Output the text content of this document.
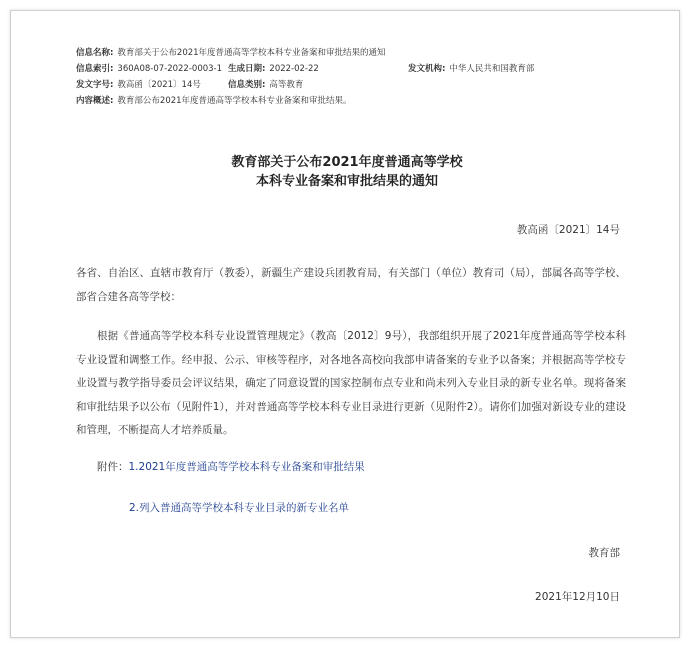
信息名称: 教育部关于公布2021年度普通高等学校本科专业备案和审批结果的通知
信息索引: 360A08-07-2022-0003-1 生成日期: 2022-02-22	发文机构: 中华人民共和国教育部
发文字号: 教高函〔2021〕14号	信息类别: 高等教育
内容概述: 教育部公布2021年度普通高等学校本科专业备案和审批结果。
教育部关于公布2021年度普通高等学校
本科专业备案和审批结果的通知
教高函〔2021〕14号
各省、自治区、直辖市教育厅（教委），新疆生产建设兵团教育局，有关部门（单位）教育司（局），部属各高等学校、部省合建各高等学校：
根据《普通高等学校本科专业设置管理规定》（教高〔2012〕9号），我部组织开展了2021年度普通高等学校本科专业设置和调整工作。经申报、公示、审核等程序，对各地各高校向我部申请备案的专业予以备案；并根据高等学校专业设置与教学指导委员会评议结果，确定了同意设置的国家控制布点专业和尚未列入专业目录的新专业名单。现将备案和审批结果予以公布（见附件1），并对普通高等学校本科专业目录进行更新（见附件2）。请你们加强对新设专业的建设和管理，不断提高人才培养质量。
附件：1.2021年度普通高等学校本科专业备案和审批结果
2.列入普通高等学校本科专业目录的新专业名单
教育部
2021年12月10日
